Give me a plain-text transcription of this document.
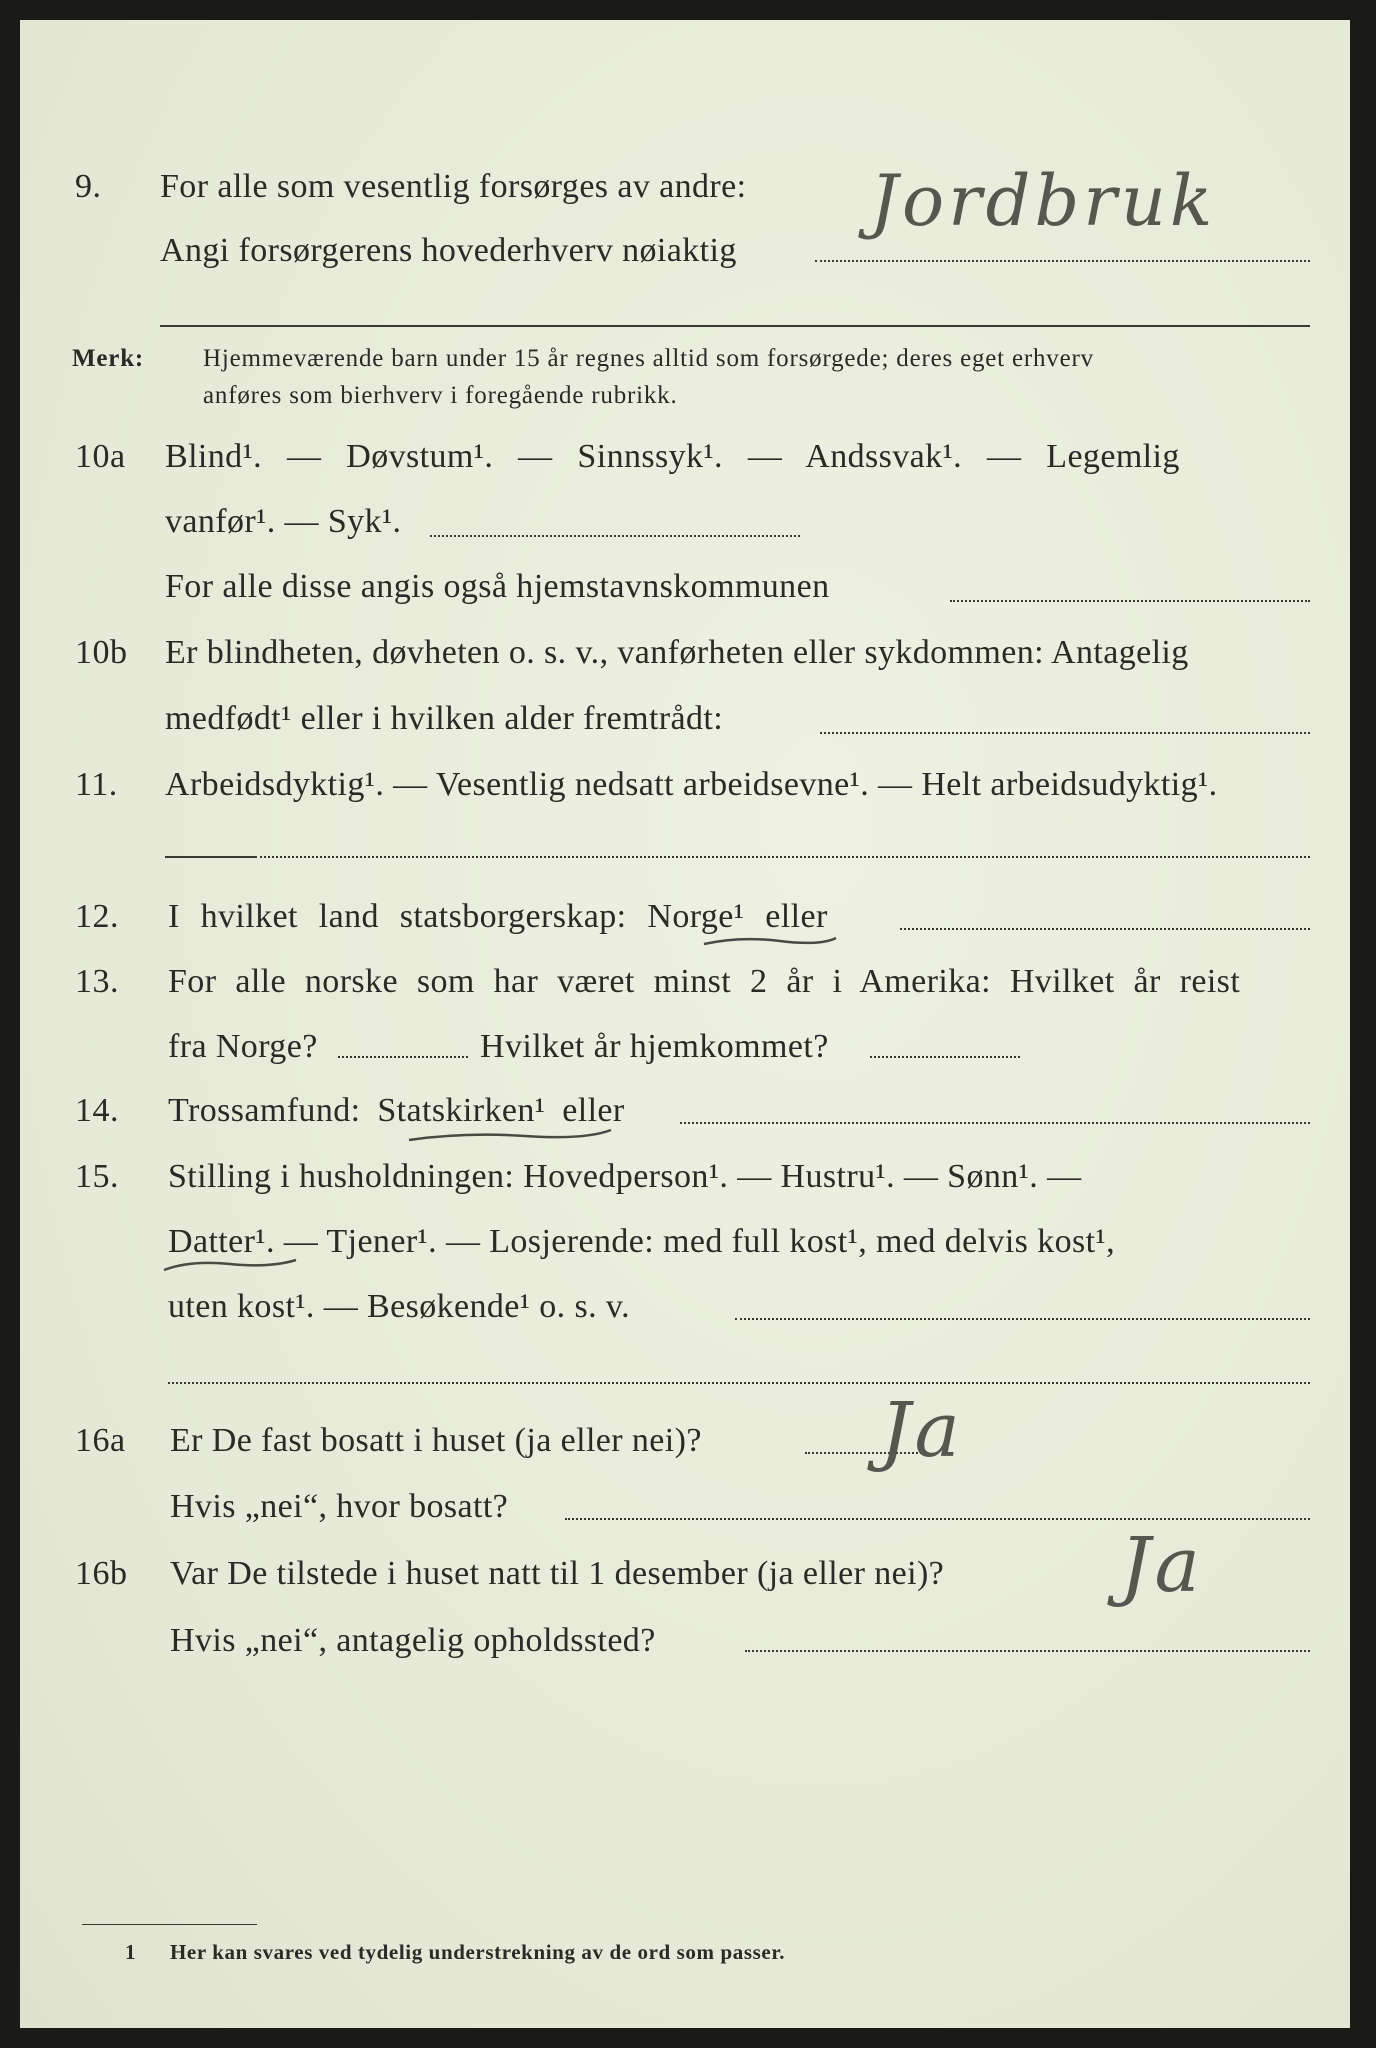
9. For alle som vesentlig forsørges av andre:
Angi forsørgerens hovederhverv nøiaktig
Jordbruk
Merk: Hjemmeværende barn under 15 år regnes alltid som forsørgede; deres eget erhverv
anføres som bierhverv i foregående rubrikk.
10a Blind¹. — Døvstum¹. — Sinnssyk¹. — Andssvak¹. — Legemlig
vanfør¹. — Syk¹.
For alle disse angis også hjemstavnskommunen
10b Er blindheten, døvheten o. s. v., vanførheten eller sykdommen: Antagelig
medfødt¹ eller i hvilken alder fremtrådt:
11. Arbeidsdyktig¹. — Vesentlig nedsatt arbeidsevne¹. — Helt arbeidsudyktig¹.
12. I hvilket land statsborgerskap: Norge¹ eller
13. For alle norske som har været minst 2 år i Amerika: Hvilket år reist
fra Norge?	Hvilket år hjemkommet?
14. Trossamfund: Statskirken¹ eller
15. Stilling i husholdningen: Hovedperson¹. — Hustru¹. — Sønn¹. —
Datter¹. — Tjener¹. — Losjerende: med full kost¹, med delvis kost¹,
uten kost¹. — Besøkende¹ o. s. v.
16a Er De fast bosatt i huset (ja eller nei)? Ja
Hvis „nei“, hvor bosatt?
16b Var De tilstede i huset natt til 1 desember (ja eller nei)? Ja
Hvis „nei“, antagelig opholdssted?
1 Her kan svares ved tydelig understrekning av de ord som passer.
